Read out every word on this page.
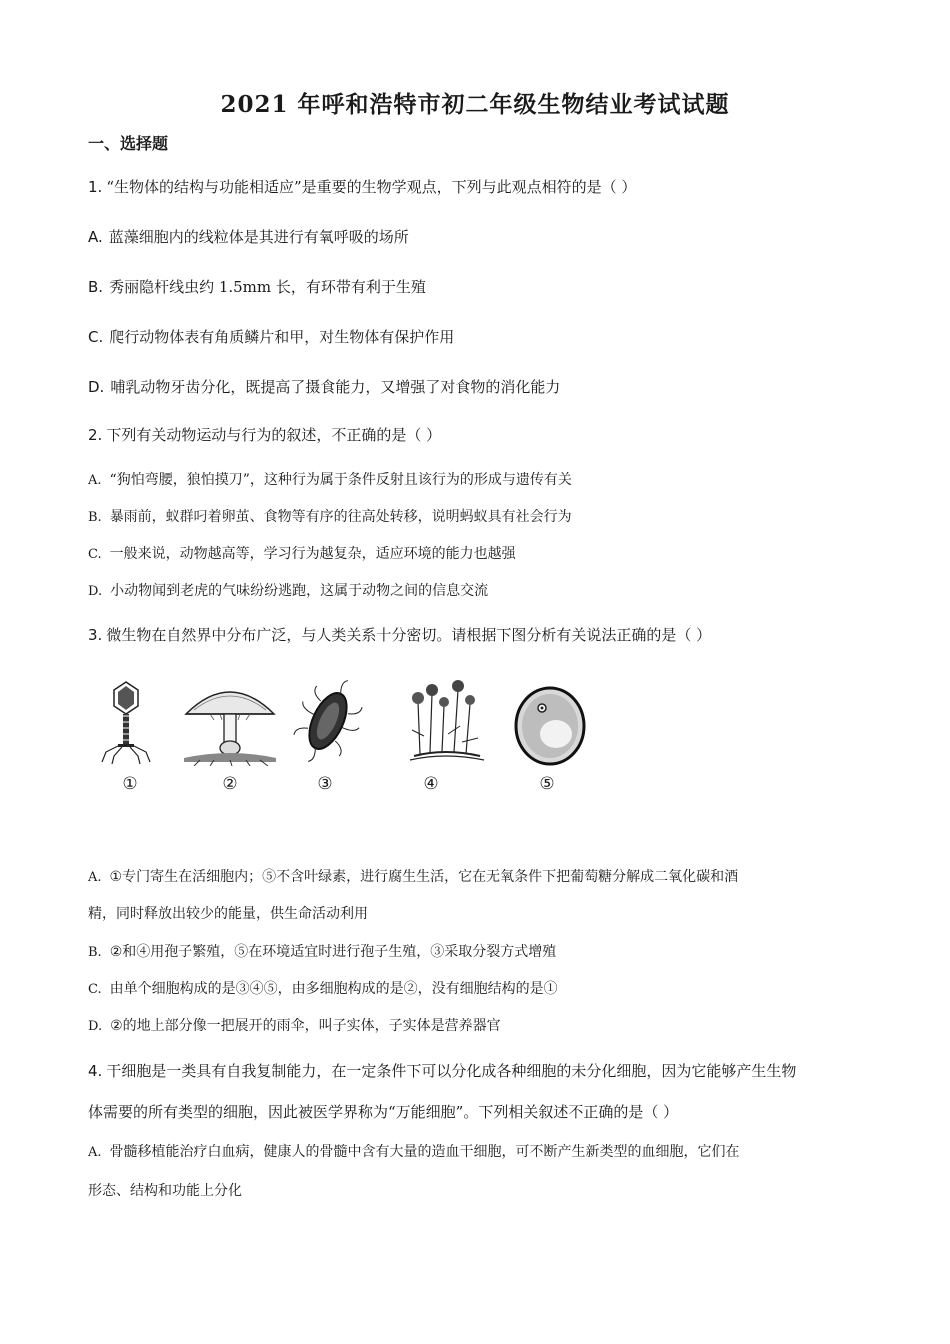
2021 年呼和浩特市初二年级生物结业考试试题
一、选择题
1. “生物体的结构与功能相适应”是重要的生物学观点，下列与此观点相符的是（ ）
A. 蓝藻细胞内的线粒体是其进行有氧呼吸的场所
B. 秀丽隐杆线虫约 1.5mm 长，有环带有利于生殖
C. 爬行动物体表有角质鳞片和甲，对生物体有保护作用
D. 哺乳动物牙齿分化，既提高了摄食能力，又增强了对食物的消化能力
2. 下列有关动物运动与行为的叙述，不正确的是（ ）
A. “狗怕弯腰，狼怕摸刀”，这种行为属于条件反射且该行为的形成与遗传有关
B. 暴雨前，蚁群叼着卵茧、食物等有序的往高处转移，说明蚂蚁具有社会行为
C. 一般来说，动物越高等，学习行为越复杂，适应环境的能力也越强
D. 小动物闻到老虎的气味纷纷逃跑，这属于动物之间的信息交流
3. 微生物在自然界中分布广泛，与人类关系十分密切。请根据下图分析有关说法正确的是（ ）
①	②	③	④	⑤
A. ①专门寄生在活细胞内；⑤不含叶绿素，进行腐生生活，它在无氧条件下把葡萄糖分解成二氧化碳和酒
精，同时释放出较少的能量，供生命活动利用
B. ②和④用孢子繁殖，⑤在环境适宜时进行孢子生殖，③采取分裂方式增殖
C. 由单个细胞构成的是③④⑤，由多细胞构成的是②，没有细胞结构的是①
D. ②的地上部分像一把展开的雨伞，叫子实体，子实体是营养器官
4. 干细胞是一类具有自我复制能力，在一定条件下可以分化成各种细胞的未分化细胞，因为它能够产生生物
体需要的所有类型的细胞，因此被医学界称为“万能细胞”。下列相关叙述不正确的是（ ）
A. 骨髓移植能治疗白血病，健康人的骨髓中含有大量的造血干细胞，可不断产生新类型的血细胞，它们在
形态、结构和功能上分化
